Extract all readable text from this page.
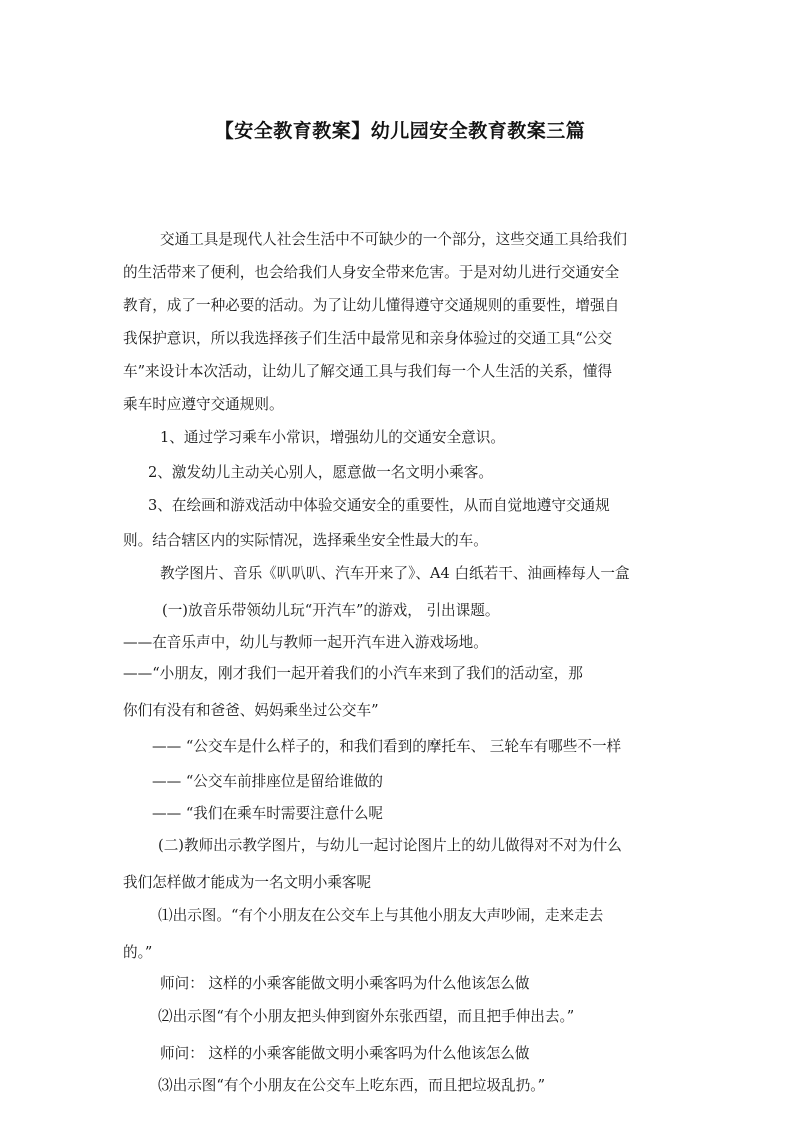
【安全教育教案】幼儿园安全教育教案三篇
交通工具是现代人社会生活中不可缺少的一个部分，这些交通工具给我们
的生活带来了便利，也会给我们人身安全带来危害。于是对幼儿进行交通安全
教育，成了一种必要的活动。为了让幼儿懂得遵守交通规则的重要性，增强自
我保护意识，所以我选择孩子们生活中最常见和亲身体验过的交通工具“公交
车”来设计本次活动，让幼儿了解交通工具与我们每一个人生活的关系，懂得
乘车时应遵守交通规则。
1、通过学习乘车小常识，增强幼儿的交通安全意识。
2、激发幼儿主动关心别人，愿意做一名文明小乘客。
3、在绘画和游戏活动中体验交通安全的重要性，从而自觉地遵守交通规
则。结合辖区内的实际情况，选择乘坐安全性最大的车。
教学图片、音乐《叭叭叭、汽车开来了》、A4 白纸若干、油画棒每人一盒
(一)放音乐带领幼儿玩“开汽车”的游戏， 引出课题。
——在音乐声中，幼儿与教师一起开汽车进入游戏场地。
——“小朋友，刚才我们一起开着我们的小汽车来到了我们的活动室，那
你们有没有和爸爸、妈妈乘坐过公交车”
—— “公交车是什么样子的，和我们看到的摩托车、 三轮车有哪些不一样
—— “公交车前排座位是留给谁做的
—— “我们在乘车时需要注意什么呢
(二)教师出示教学图片，与幼儿一起讨论图片上的幼儿做得对不对为什么
我们怎样做才能成为一名文明小乘客呢
⑴出示图。“有个小朋友在公交车上与其他小朋友大声吵闹，走来走去
的。”
师问： 这样的小乘客能做文明小乘客吗为什么他该怎么做
⑵出示图“有个小朋友把头伸到窗外东张西望，而且把手伸出去。”
师问： 这样的小乘客能做文明小乘客吗为什么他该怎么做
⑶出示图“有个小朋友在公交车上吃东西，而且把垃圾乱扔。”
